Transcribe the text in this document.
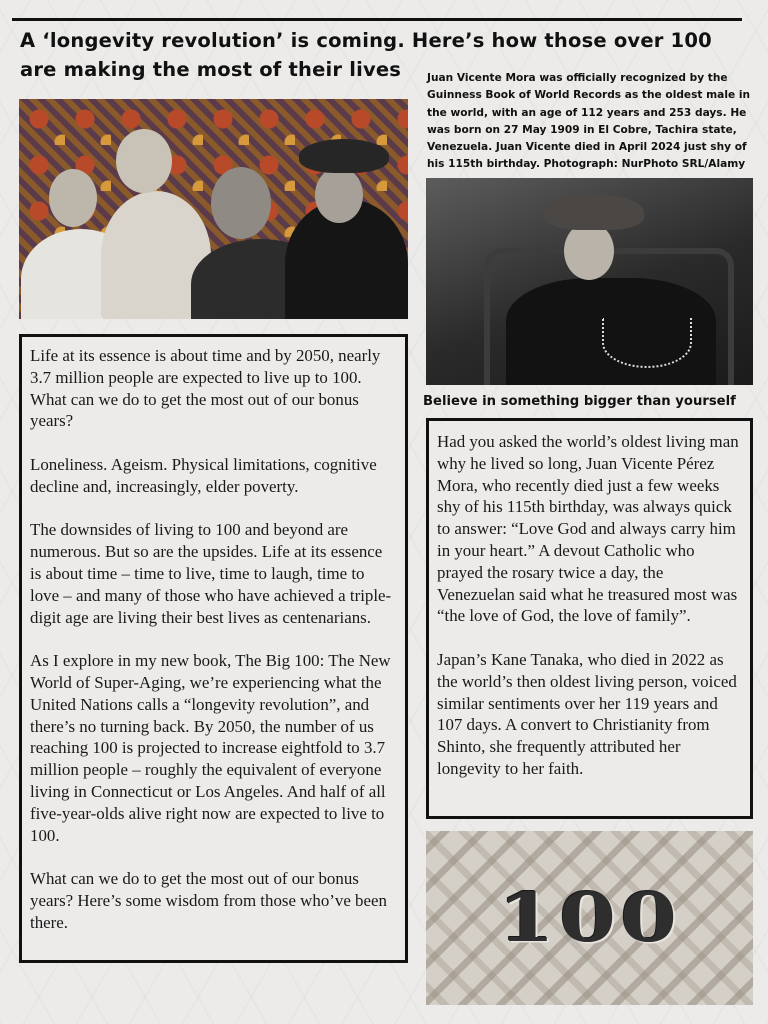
A ‘longevity revolution’ is coming. Here’s how those over 100 are making the most of their lives	Juan Vicente Mora was officially recognized by the Guinness Book of World Records as the oldest male in the world, with an age of 112 years and 253 days. He was born on 27 May 1909 in El Cobre, Tachira state, Venezuela. Juan Vicente died in April 2024 just shy of his 115th birthday. Photograph: NurPhoto SRL/Alamy
Believe in something bigger than yourself

Life at its essence is about time and by 2050, nearly 3.7 million people are expected to live up to 100. What can we do to get the most out of our bonus years?

Loneliness. Ageism. Physical limitations, cognitive decline and, increasingly, elder poverty.

The downsides of living to 100 and beyond are numerous. But so are the upsides. Life at its essence is about time – time to live, time to laugh, time to love – and many of those who have achieved a triple-digit age are living their best lives as centenarians.

As I explore in my new book, The Big 100: The New World of Super-Aging, we’re experiencing what the United Nations calls a “longevity revolution”, and there’s no turning back. By 2050, the number of us reaching 100 is projected to increase eightfold to 3.7 million people – roughly the equivalent of everyone living in Connecticut or Los Angeles. And half of all five-year-olds alive right now are expected to live to 100.

What can we do to get the most out of our bonus years? Here’s some wisdom from those who’ve been there.

Had you asked the world’s oldest living man why he lived so long, Juan Vicente Pérez Mora, who recently died just a few weeks shy of his 115th birthday, was always quick to answer: “Love God and always carry him in your heart.” A devout Catholic who prayed the rosary twice a day, the Venezuelan said what he treasured most was “the love of God, the love of family”.

Japan’s Kane Tanaka, who died in 2022 as the world’s then oldest living person, voiced similar sentiments over her 119 years and 107 days. A convert to Christianity from Shinto, she frequently attributed her longevity to her faith.

100
